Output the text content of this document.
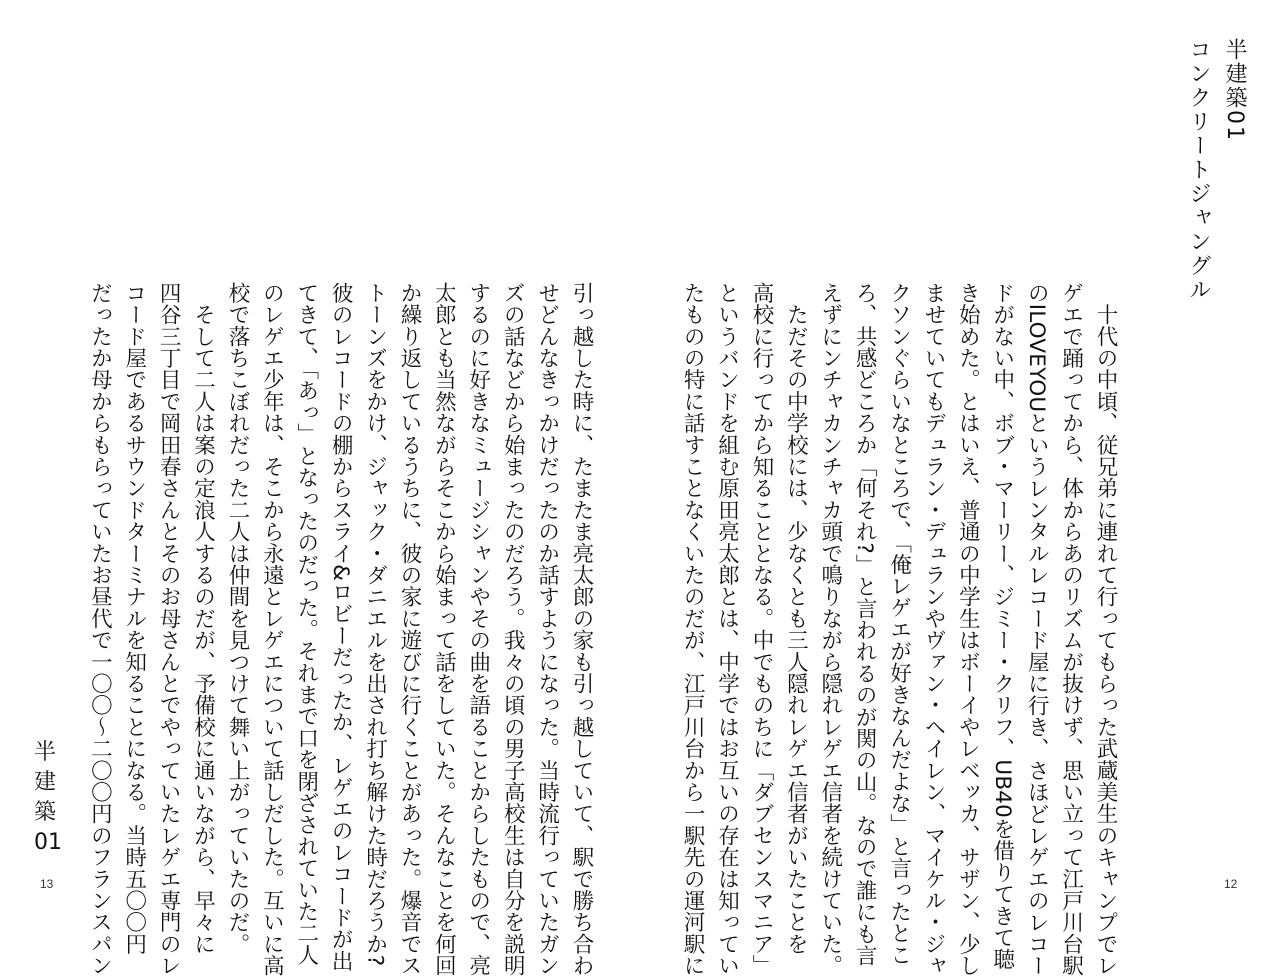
半建築01
コンクリートジャングル
　十代の中頃、従兄弟に連れて行ってもらった武蔵美生のキャンプでレ
ゲエで踊ってから、体からあのリズムが抜けず、思い立って江戸川台駅
のILOVEYOUというレンタルレコード屋に行き、さほどレゲエのレコー
ドがない中、ボブ・マーリー、ジミー・クリフ、UB40を借りてきて聴
き始めた。とはいえ、普通の中学生はボーイやレベッカ、サザン、少し
ませていてもデュラン・デュランやヴァン・ヘイレン、マイケル・ジャ
クソンぐらいなところで、「俺レゲエが好きなんだよな」と言ったとこ
ろ、共感どころか「何それ?」と言われるのが関の山。なので誰にも言
えずにンチャカンチャカ頭で鳴りながら隠れレゲエ信者を続けていた。
　ただその中学校には、少なくとも三人隠れレゲエ信者がいたことを
高校に行ってから知ることとなる。中でものちに「ダブセンスマニア」
というバンドを組む原田亮太郎とは、中学ではお互いの存在は知ってい
たものの特に話すことなくいたのだが、江戸川台から一駅先の運河駅に
引っ越した時に、たまたま亮太郎の家も引っ越していて、駅で勝ち合わ
せどんなきっかけだったのか話すようになった。当時流行っていたガン
ズの話などから始まったのだろう。我々の頃の男子高校生は自分を説明
するのに好きなミュージシャンやその曲を語ることからしたもので、亮
太郎とも当然ながらそこから始まって話をしていた。そんなことを何回
か繰り返しているうちに、彼の家に遊びに行くことがあった。爆音でス
トーンズをかけ、ジャック・ダニエルを出され打ち解けた時だろうか?
彼のレコードの棚からスライ&ロビーだったか、レゲエのレコードが出
てきて、「あっ」となったのだった。それまで口を閉ざされていた二人
のレゲエ少年は、そこから永遠とレゲエについて話しだした。互いに高
校で落ちこぼれだった二人は仲間を見つけて舞い上がっていたのだ。
　そして二人は案の定浪人するのだが、予備校に通いながら、早々に
四谷三丁目で岡田春さんとそのお母さんとでやっていたレゲエ専門のレ
コード屋であるサウンドターミナルを知ることになる。当時五〇〇円
だったか母からもらっていたお昼代で一〇〇〜二〇〇円のフランスパン
半建築
01
13	12
